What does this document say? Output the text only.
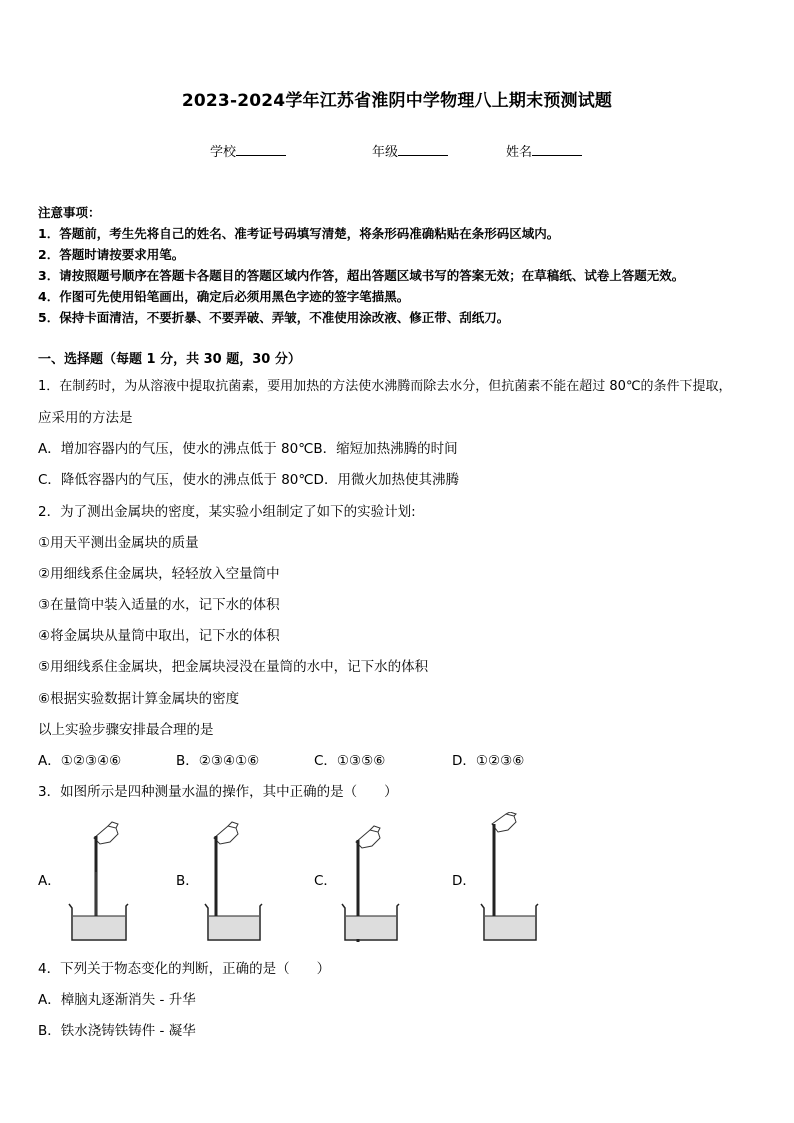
2023-2024学年江苏省淮阴中学物理八上期末预测试题
学校	年级	姓名
注意事项：
1．答题前，考生先将自己的姓名、准考证号码填写清楚，将条形码准确粘贴在条形码区域内。
2．答题时请按要求用笔。
3．请按照题号顺序在答题卡各题目的答题区域内作答，超出答题区域书写的答案无效；在草稿纸、试卷上答题无效。
4．作图可先使用铅笔画出，确定后必须用黑色字迹的签字笔描黑。
5．保持卡面清洁，不要折暴、不要弄破、弄皱，不准使用涂改液、修正带、刮纸刀。
一、选择题（每题 1 分，共 30 题，30 分）
1．在制药时，为从溶液中提取抗菌素，要用加热的方法使水沸腾而除去水分，但抗菌素不能在超过 80℃的条件下提取，
应采用的方法是
A．增加容器内的气压，使水的沸点低于 80℃B．缩短加热沸腾的时间
C．降低容器内的气压，使水的沸点低于 80℃D．用微火加热使其沸腾
2．为了测出金属块的密度，某实验小组制定了如下的实验计划:
①用天平测出金属块的质量
②用细线系住金属块，轻轻放入空量筒中
③在量筒中装入适量的水，记下水的体积
④将金属块从量筒中取出，记下水的体积
⑤用细线系住金属块，把金属块浸没在量筒的水中，记下水的体积
⑥根据实验数据计算金属块的密度
以上实验步骤安排最合理的是
A．①②③④⑥	B．②③④①⑥	C．①③⑤⑥	D．①②③⑥
3．如图所示是四种测量水温的操作，其中正确的是（　　）
A．	B．	C．	D．
4．下列关于物态变化的判断，正确的是（　　）
A．樟脑丸逐渐消失 - 升华
B．铁水浇铸铁铸件 - 凝华
